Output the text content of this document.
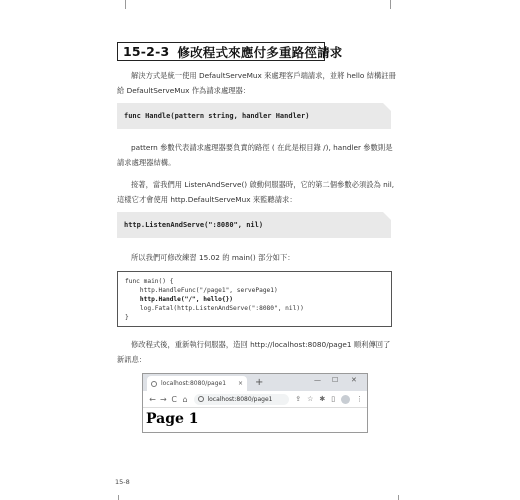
15-2-3 修改程式來應付多重路徑請求

解決方式是統一使用 DefaultServeMux 來處理客戶端請求，並將 hello 結構註冊給 DefaultServeMux 作為請求處理器：

func Handle(pattern string, handler Handler)

pattern 參數代表請求處理器要負責的路徑 ( 在此是根目錄 /), handler 參數則是請求處理器結構。

接著，當我們用 ListenAndServe() 啟動伺服器時，它的第二個參數必須設為 nil, 這樣它才會使用 http.DefaultServeMux 來監聽請求：

http.ListenAndServe(":8080", nil)

所以我們可修改練習 15.02 的 main() 部分如下：

func main() {
http.HandleFunc("/page1", servePage1)
http.Handle("/", hello{})
log.Fatal(http.ListenAndServe(":8080", nil))
}

修改程式後，重新執行伺服器，造回 http://localhost:8080/page1 順利傳回了新訊息：

localhost:8080/page1	× +	— ☐ ✕
← → C ⌂	localhost:8080/page1	⇪ ☆ ✱ ▯	⋮
Page 1
15-8
